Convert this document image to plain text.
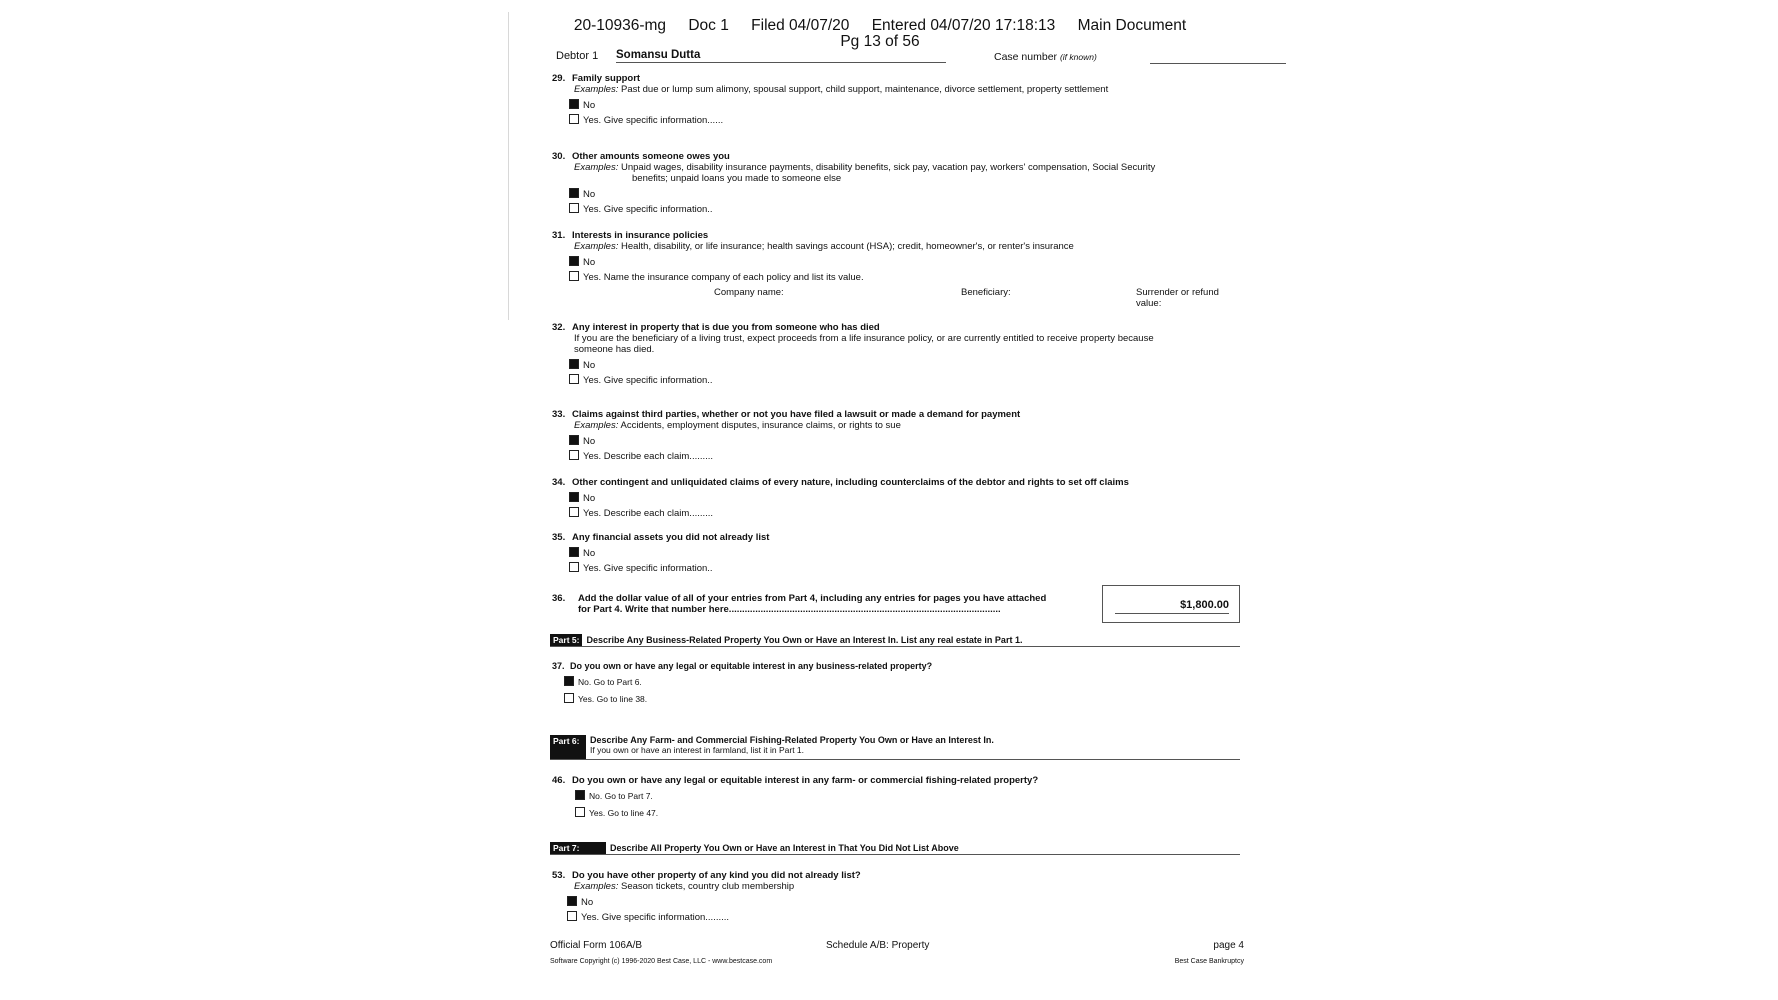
20-10936-mg Doc 1 Filed 04/07/20 Entered 04/07/20 17:18:13 Main Document
Pg 13 of 56
Debtor 1 Somansu Dutta	Case number (if known)
29. Family support
Examples: Past due or lump sum alimony, spousal support, child support, maintenance, divorce settlement, property settlement
No
Yes. Give specific information......
30. Other amounts someone owes you
Examples: Unpaid wages, disability insurance payments, disability benefits, sick pay, vacation pay, workers' compensation, Social Security
benefits; unpaid loans you made to someone else
No
Yes. Give specific information..
31. Interests in insurance policies
Examples: Health, disability, or life insurance; health savings account (HSA); credit, homeowner's, or renter's insurance
No
Yes. Name the insurance company of each policy and list its value.
Company name:	Beneficiary:	Surrender or refund value:
32. Any interest in property that is due you from someone who has died
If you are the beneficiary of a living trust, expect proceeds from a life insurance policy, or are currently entitled to receive property because someone has died.
No
Yes. Give specific information..
33. Claims against third parties, whether or not you have filed a lawsuit or made a demand for payment
Examples: Accidents, employment disputes, insurance claims, or rights to sue
No
Yes. Describe each claim.........
34. Other contingent and unliquidated claims of every nature, including counterclaims of the debtor and rights to set off claims
No
Yes. Describe each claim.........
35. Any financial assets you did not already list
No
Yes. Give specific information..
36. Add the dollar value of all of your entries from Part 4, including any entries for pages you have attached
for Part 4. Write that number here.......................................................................................................	$1,800.00
Part 5: Describe Any Business-Related Property You Own or Have an Interest In. List any real estate in Part 1.
37. Do you own or have any legal or equitable interest in any business-related property?
No. Go to Part 6.
Yes. Go to line 38.
Part 6: Describe Any Farm- and Commercial Fishing-Related Property You Own or Have an Interest In.
If you own or have an interest in farmland, list it in Part 1.
46. Do you own or have any legal or equitable interest in any farm- or commercial fishing-related property?
No. Go to Part 7.
Yes. Go to line 47.
Part 7:	Describe All Property You Own or Have an Interest in That You Did Not List Above
53. Do you have other property of any kind you did not already list?
Examples: Season tickets, country club membership
No
Yes. Give specific information.........
Official Form 106A/B	Schedule A/B: Property	page 4
Software Copyright (c) 1996-2020 Best Case, LLC - www.bestcase.com	Best Case Bankruptcy
